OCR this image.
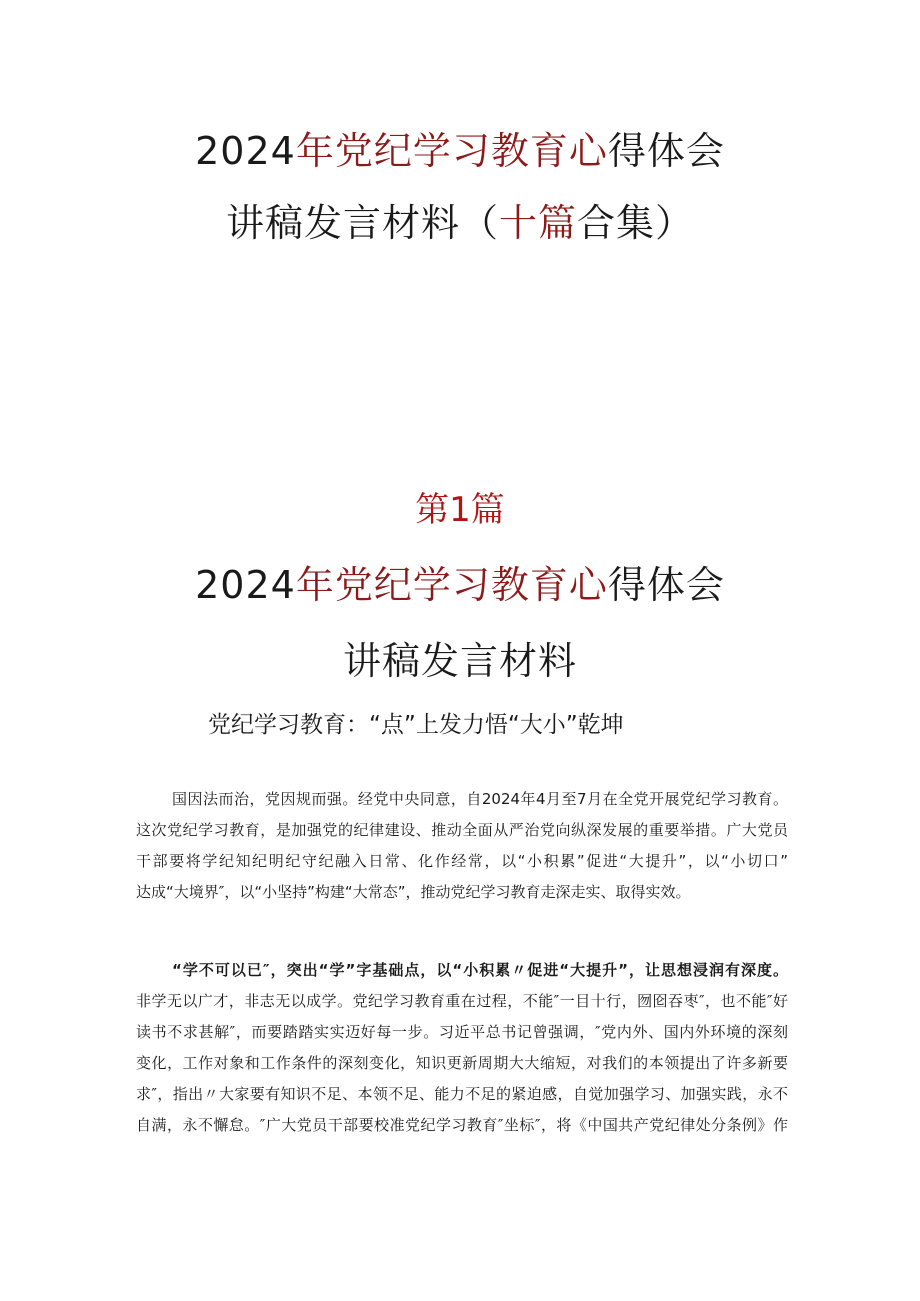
2024年党纪学习教育心得体会
讲稿发言材料（十篇合集）
第1篇
2024年党纪学习教育心得体会
讲稿发言材料
党纪学习教育：“点”上发力悟“大小”乾坤
国因法而治，党因规而强。经党中央同意，自2024年4月至7月在全党开展党纪学习教育。
这次党纪学习教育，是加强党的纪律建设、推动全面从严治党向纵深发展的重要举措。广大党员
干部要将学纪知纪明纪守纪融入日常、化作经常，以“小积累”促进“大提升”，以“小切口”
达成“大境界″，以“小坚持”构建“大常态”，推动党纪学习教育走深走实、取得实效。
“学不可以已″，突出“学”字基础点，以“小积累〃促进“大提升”，让思想浸润有深度。
非学无以广才，非志无以成学。党纪学习教育重在过程，不能″一目十行，囫囵吞枣″，也不能″好
读书不求甚解″，而要踏踏实实迈好每一步。习近平总书记曾强调，″党内外、国内外环境的深刻
变化，工作对象和工作条件的深刻变化，知识更新周期大大缩短，对我们的本领提出了许多新要
求″，指出〃大家要有知识不足、本领不足、能力不足的紧迫感，自觉加强学习、加强实践，永不
自满，永不懈怠。″广大党员干部要校准党纪学习教育″坐标″，将《中国共产党纪律处分条例》作
